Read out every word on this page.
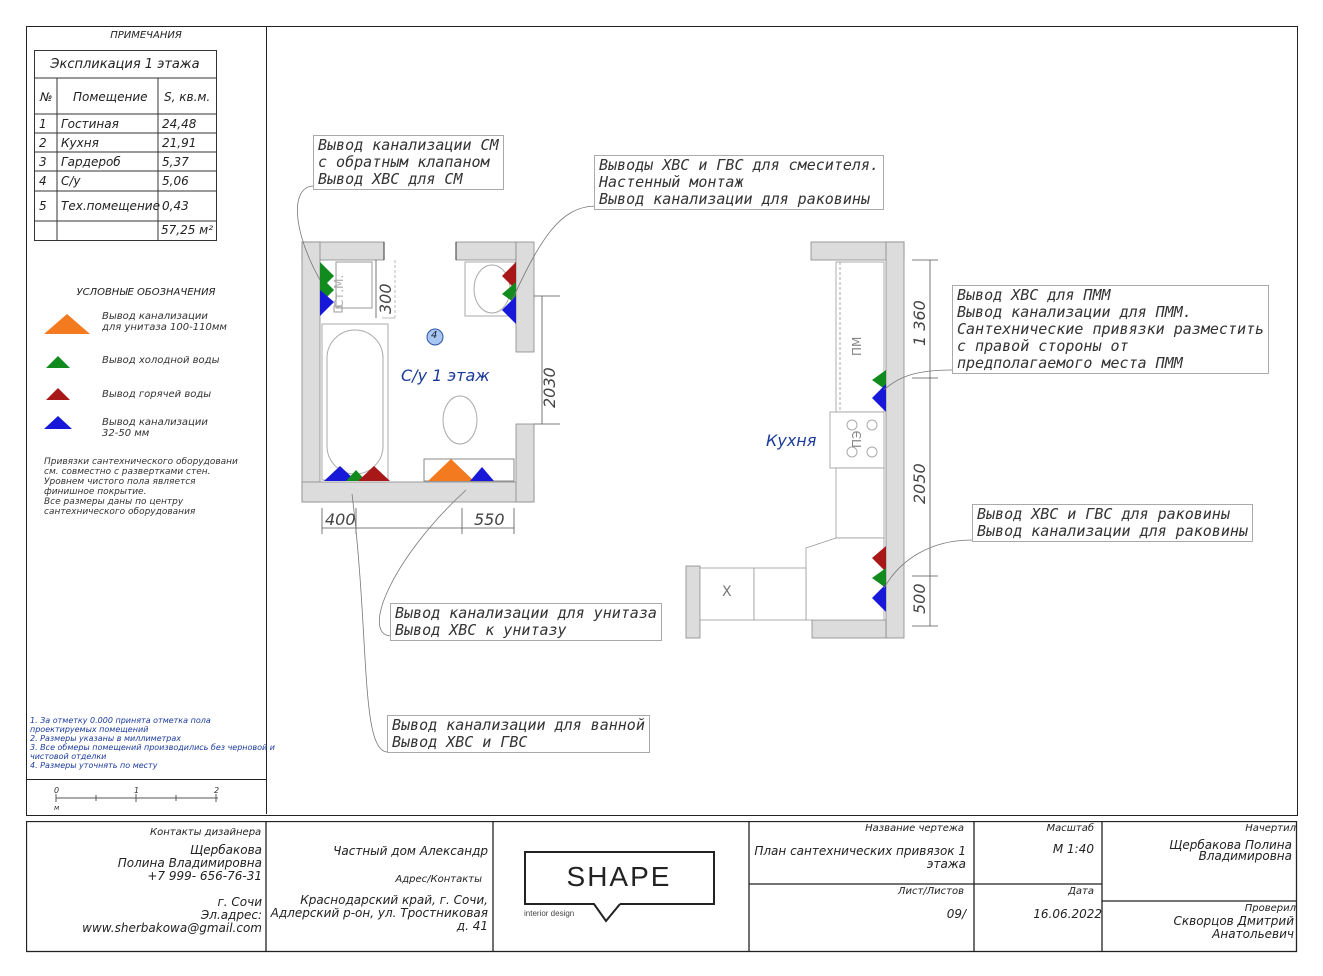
ПРИМЕЧАНИЯ
Экспликация 1 этажа
№ Помещение S, кв.м.
1 Гостиная	24,48
2 Кухня	21,91
3 Гардероб	5,37
4 С/у	5,06
5 Тех.помещение 0,43
57,25 м²
УСЛОВНЫЕ ОБОЗНАЧЕНИЯ
Вывод канализации
для унитаза 100-110мм
Вывод холодной воды
Вывод горячей воды
Вывод канализации
32-50 мм
Привязки сантехнического оборудовани
см. совместно с развертками стен.
Уровнем чистого пола является
финишное покрытие.
Все размеры даны по центру
сантехнического оборудования
1. За отметку 0.000 принята отметка пола
проектируемых помещений
2. Размеры указаны в миллиметрах
3. Все обмеры помещений производились без черновой и
чистовой отделки
4. Размеры уточнять по месту
0	1	2
м
Ст.М.
4
С/у 1 этаж
Кухня
ПМ
ПЭ
Х
300
2030
400	550
1 360
2050
500
Вывод канализации СМ
с обратным клапаном
Вывод ХВС для СМ
Выводы ХВС и ГВС для смесителя.
Настенный монтаж
Вывод канализации для раковины
Вывод ХВС для ПММ
Вывод канализации для ПММ.
Сантехнические привязки разместить
с правой стороны от
предполагаемого места ПММ
Вывод ХВС и ГВС для раковины
Вывод канализации для раковины
Вывод канализации для унитаза
Вывод ХВС к унитазу
Вывод канализации для ванной
Вывод ХВС и ГВС
Контакты дизайнера
Щербакова
Полина Владимировна
+7 999- 656-76-31
г. Сочи
Эл.адрес:
www.sherbakowa@gmail.com
Частный дом Александр
Адрес/Контакты
Краснодарский край, г. Сочи,
Адлерский р-он, ул. Тростниковая
д. 41
SHAPE
interior design
Название чертежа
План сантехнических привязок 1
этажа
Масштаб
М 1:40
Начертил
Щербакова Полина
Владимировна
Лист/Листов
09/
Дата
16.06.2022	Проверил
Скворцов Дмитрий
Анатольевич
